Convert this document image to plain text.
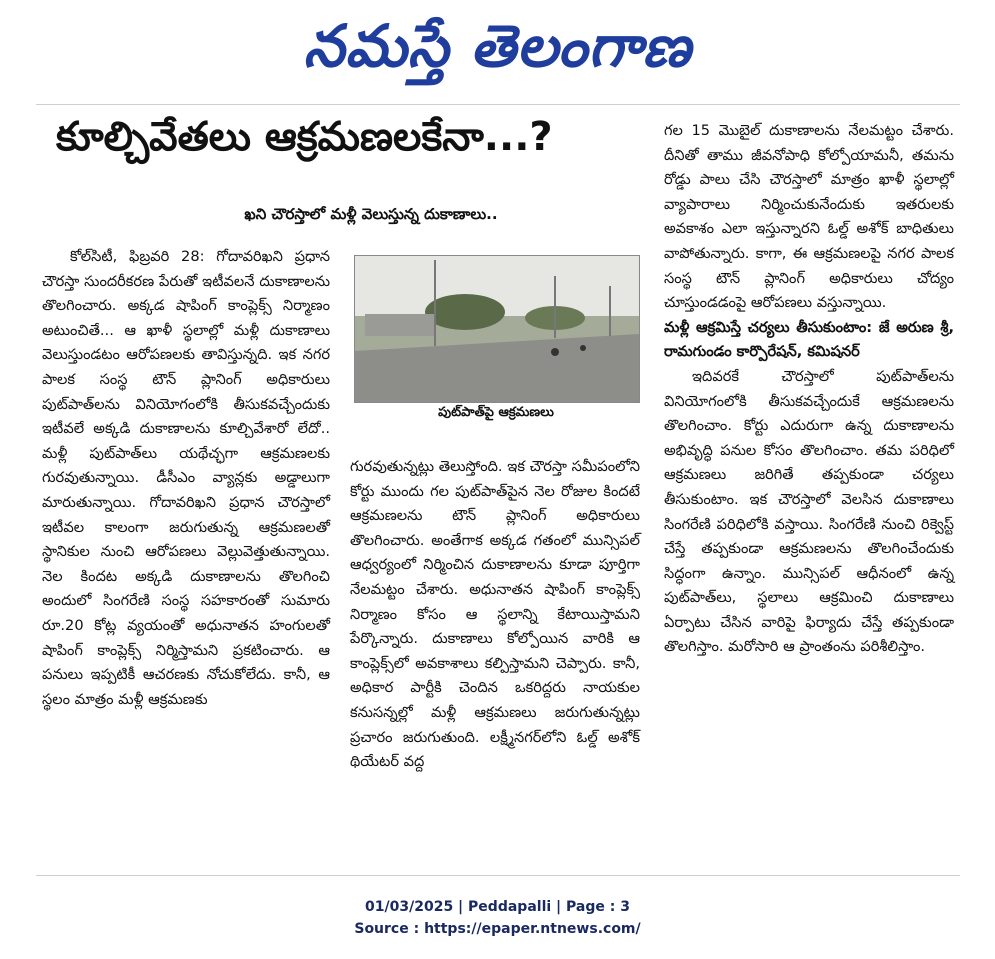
నమస్తే తెలంగాణ
కూల్చివేతలు ఆక్రమణలకేనా...?
ఖని చౌరస్తాలో మళ్లీ వెలుస్తున్న దుకాణాలు..

కోల్‌సిటీ, ఫిబ్రవరి 28: గోదావరిఖని ప్రధాన చౌరస్తా సుందరీకరణ పేరుతో ఇటీవలనే దుకాణాలను తొలగించారు. అక్కడ షాపింగ్ కాంప్లెక్స్ నిర్మాణం అటుంచితే... ఆ ఖాళీ స్థలాల్లో మళ్లీ దుకాణాలు వెలుస్తుండటం ఆరోపణలకు తావిస్తున్నది. ఇక నగర పాలక సంస్థ టౌన్ ప్లానింగ్ అధికారులు పుట్‌పాత్‌లను వినియోగంలోకి తీసుకవచ్చేందుకు ఇటీవలే అక్కడి దుకాణాలను కూల్చివేశారో లేదో.. మళ్లీ పుట్‌పాత్‌లు యథేచ్ఛగా ఆక్రమణలకు గురవుతున్నాయి. డీసీఎం వ్యాన్లకు అడ్డాలుగా మారుతున్నాయి. గోదావరిఖని ప్రధాన చౌరస్తాలో ఇటీవల కాలంగా జరుగుతున్న ఆక్రమణలతో స్థానికుల నుంచి ఆరోపణలు వెల్లువెత్తుతున్నాయి. నెల కిందట అక్కడి దుకాణాలను తొలగించి అందులో సింగరేణి సంస్థ సహకారంతో సుమారు రూ.20 కోట్ల వ్యయంతో అధునాతన హంగులతో షాపింగ్ కాంప్లెక్స్ నిర్మిస్తామని ప్రకటించారు. ఆ పనులు ఇప్పటికీ ఆచరణకు నోచుకోలేదు. కానీ, ఆ స్థలం మాత్రం మళ్లీ ఆక్రమణకు

పుట్‌పాత్‌పై ఆక్రమణలు

గురవుతున్నట్లు తెలుస్తోంది. ఇక చౌరస్తా సమీపంలోని కోర్టు ముందు గల పుట్‌పాత్‌పైన నెల రోజుల కిందటే ఆక్రమణలను టౌన్ ప్లానింగ్ అధికారులు తొలగించారు. అంతేగాక అక్కడ గతంలో మున్సిపల్ ఆధ్వర్యంలో నిర్మించిన దుకాణాలను కూడా పూర్తిగా నేలమట్టం చేశారు. అధునాతన షాపింగ్ కాంప్లెక్స్ నిర్మాణం కోసం ఆ స్థలాన్ని కేటాయిస్తామని పేర్కొన్నారు. దుకాణాలు కోల్పోయిన వారికి ఆ కాంప్లెక్స్‌లో అవకాశాలు కల్పిస్తామని చెప్పారు. కానీ, అధికార పార్టీకి చెందిన ఒకరిద్దరు నాయకుల కనుసన్నల్లో మళ్లీ ఆక్రమణలు జరుగుతున్నట్లు ప్రచారం జరుగుతుంది. లక్ష్మీనగర్‌లోని ఓల్డ్ అశోక్ థియేటర్ వద్ద

గల 15 మొబైల్ దుకాణాలను నేలమట్టం చేశారు. దీనితో తాము జీవనోపాధి కోల్పోయామనీ, తమను రోడ్డు పాలు చేసి చౌరస్తాలో మాత్రం ఖాళీ స్థలాల్లో వ్యాపారాలు నిర్మించుకునేందుకు ఇతరులకు అవకాశం ఎలా ఇస్తున్నారని ఓల్డ్ అశోక్ బాధితులు వాపోతున్నారు. కాగా, ఈ ఆక్రమణలపై నగర పాలక సంస్థ టౌన్ ప్లానింగ్ అధికారులు చోద్యం చూస్తుండడంపై ఆరోపణలు వస్తున్నాయి.

మళ్లీ ఆక్రమిస్తే చర్యలు తీసుకుంటాం: జే అరుణ శ్రీ, రామగుండం కార్పొరేషన్, కమిషనర్

ఇదివరకే చౌరస్తాలో పుట్‌పాత్‌లను వినియోగంలోకి తీసుకవచ్చేందుకే ఆక్రమణలను తొలగించాం. కోర్టు ఎదురుగా ఉన్న దుకాణాలను అభివృద్ధి పనుల కోసం తొలగించాం. తమ పరిధిలో ఆక్రమణలు జరిగితే తప్పకుండా చర్యలు తీసుకుంటాం. ఇక చౌరస్తాలో వెలసిన దుకాణాలు సింగరేణి పరిధిలోకి వస్తాయి. సింగరేణి నుంచి రిక్వెస్ట్ చేస్తే తప్పకుండా ఆక్రమణలను తొలగించేందుకు సిద్ధంగా ఉన్నాం. మున్సిపల్ ఆధీనంలో ఉన్న పుట్‌పాత్‌లు, స్థలాలు ఆక్రమించి దుకాణాలు ఏర్పాటు చేసిన వారిపై ఫిర్యాదు చేస్తే తప్పకుండా తొలగిస్తాం. మరోసారి ఆ ప్రాంతంను పరిశీలిస్తాం.

01/03/2025 | Peddapalli | Page : 3
Source : https://epaper.ntnews.com/
